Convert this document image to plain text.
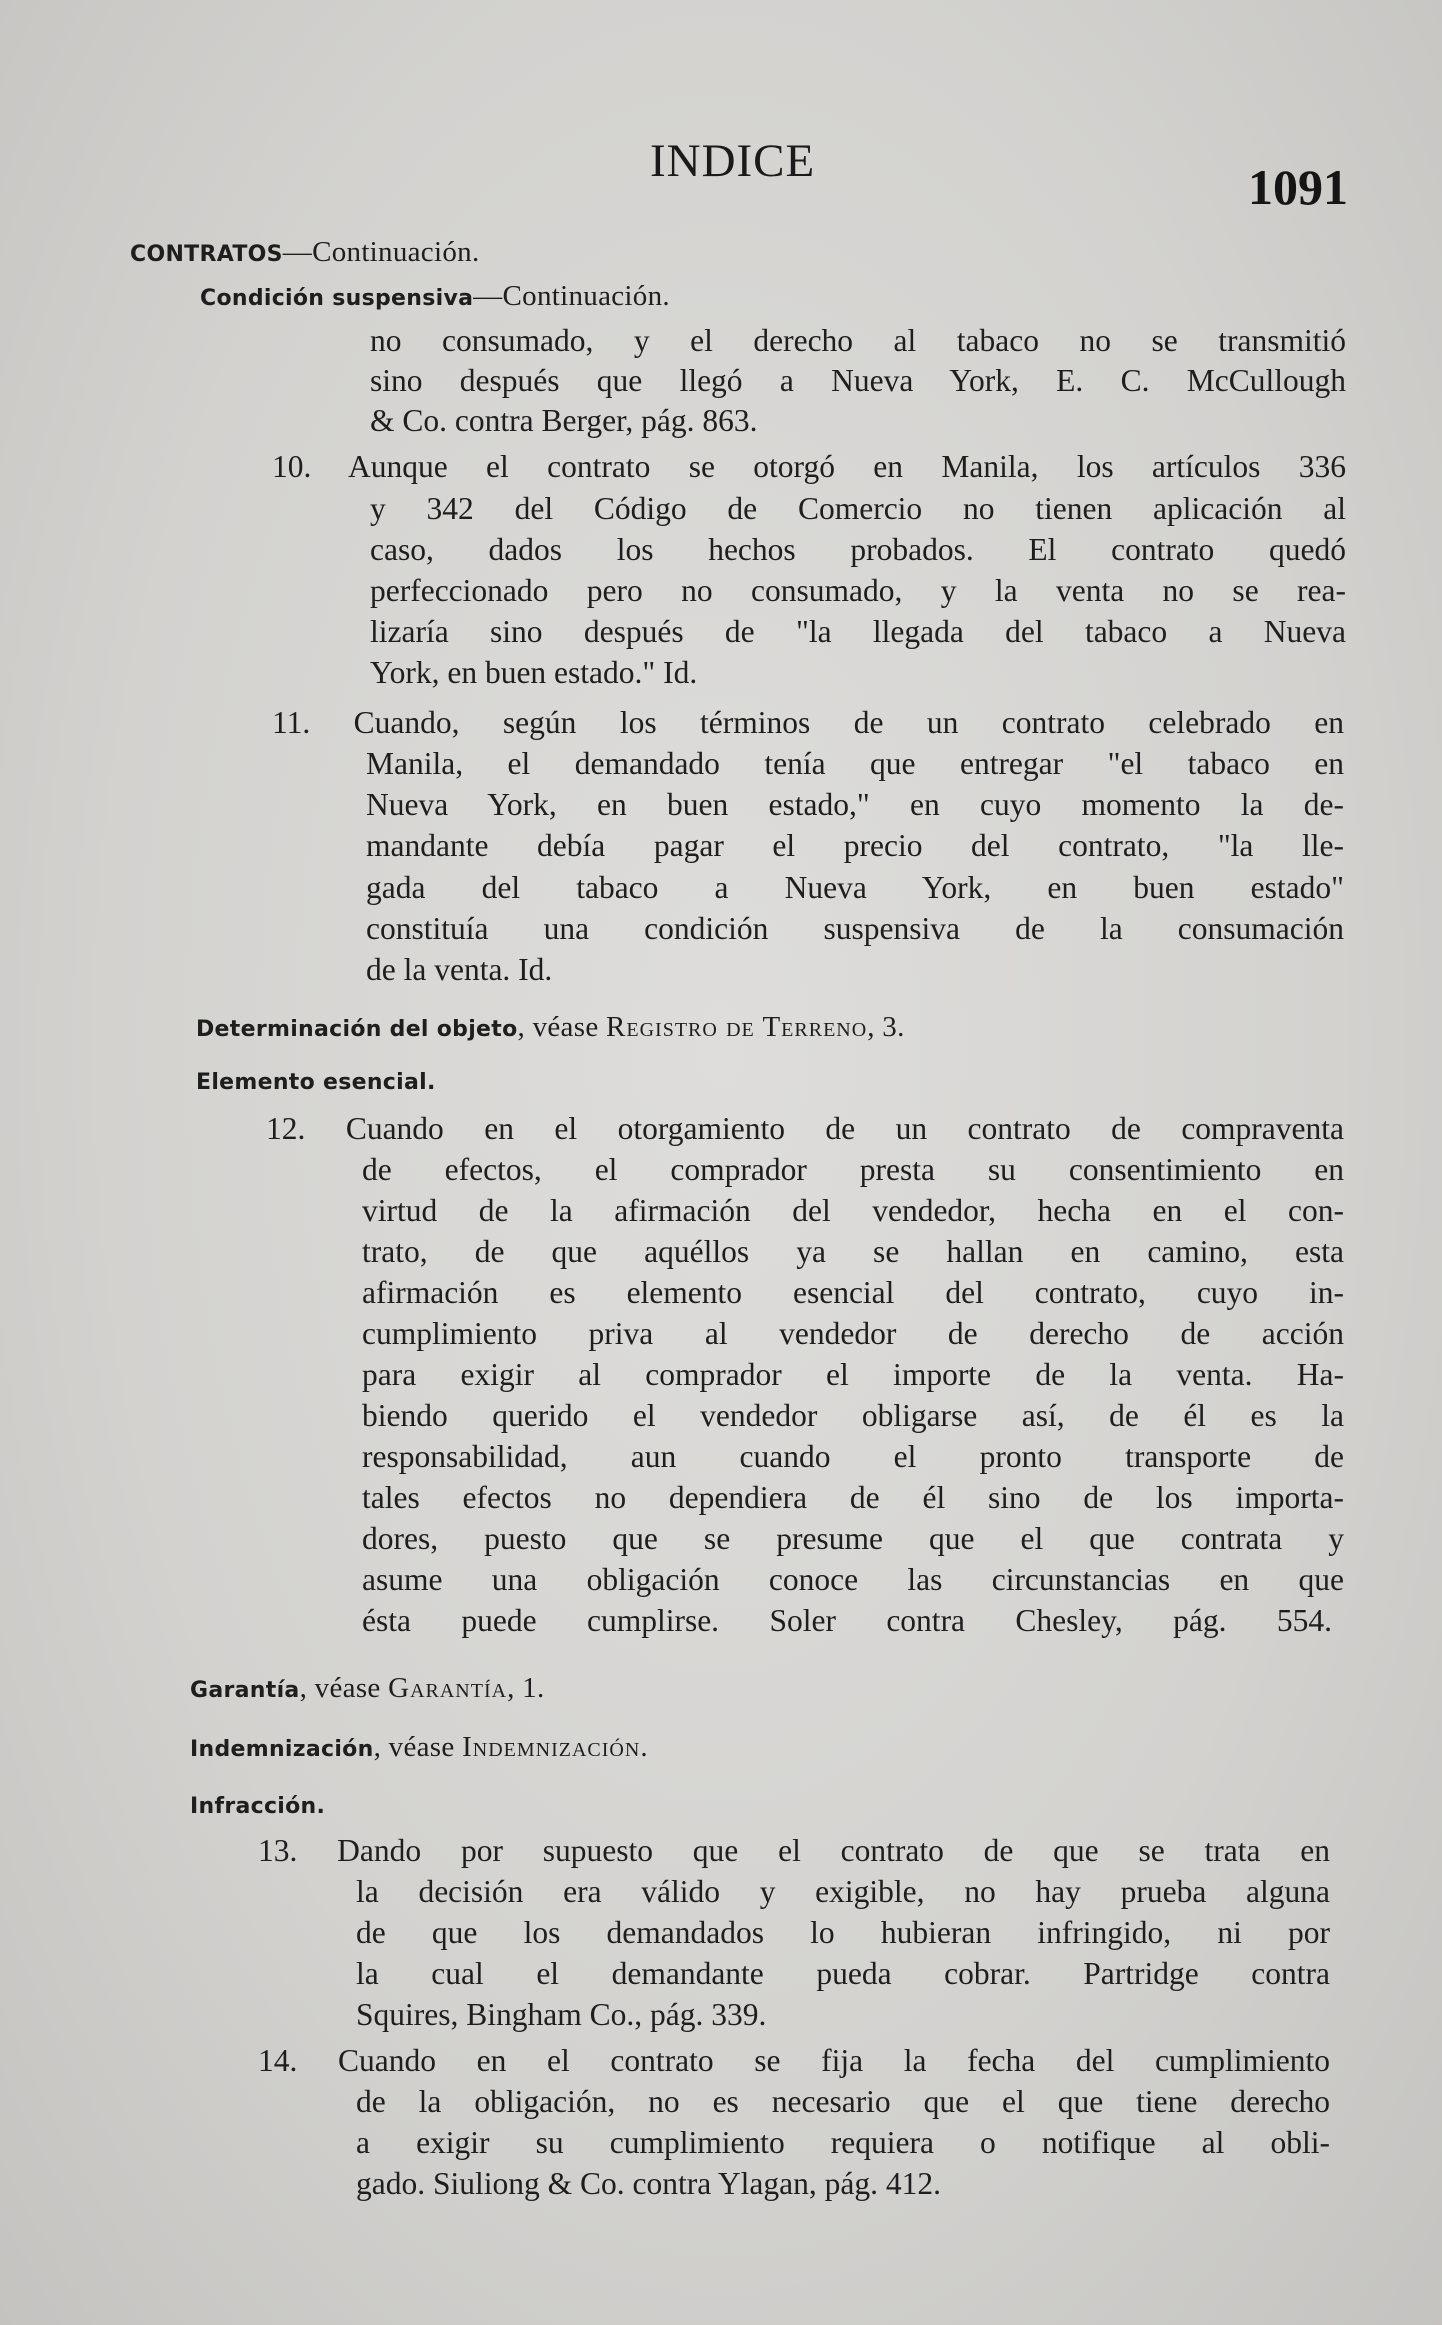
INDICE	1091
CONTRATOS—Continuación.
Condición suspensiva—Continuación.
no consumado, y el derecho al tabaco no se transmitió
sino después que llegó a Nueva York, E. C. McCullough
& Co. contra Berger, pág. 863.
10. Aunque el contrato se otorgó en Manila, los artículos 336
y 342 del Código de Comercio no tienen aplicación al
caso, dados los hechos probados. El contrato quedó
perfeccionado pero no consumado, y la venta no se rea-
lizaría sino después de "la llegada del tabaco a Nueva
York, en buen estado." Id.
11. Cuando, según los términos de un contrato celebrado en
Manila, el demandado tenía que entregar "el tabaco en
Nueva York, en buen estado," en cuyo momento la de-
mandante debía pagar el precio del contrato, "la lle-
gada del tabaco a Nueva York, en buen estado"
constituía una condición suspensiva de la consumación
de la venta. Id.
Determinación del objeto, véase Registro de Terreno, 3.
Elemento esencial.
12. Cuando en el otorgamiento de un contrato de compraventa
de efectos, el comprador presta su consentimiento en
virtud de la afirmación del vendedor, hecha en el con-
trato, de que aquéllos ya se hallan en camino, esta
afirmación es elemento esencial del contrato, cuyo in-
cumplimiento priva al vendedor de derecho de acción
para exigir al comprador el importe de la venta. Ha-
biendo querido el vendedor obligarse así, de él es la
responsabilidad, aun cuando el pronto transporte de
tales efectos no dependiera de él sino de los importa-
dores, puesto que se presume que el que contrata y
asume una obligación conoce las circunstancias en que
ésta puede cumplirse. Soler contra Chesley, pág. 554.
Garantía, véase Garantía, 1.
Indemnización, véase Indemnización.
Infracción.
13. Dando por supuesto que el contrato de que se trata en
la decisión era válido y exigible, no hay prueba alguna
de que los demandados lo hubieran infringido, ni por
la cual el demandante pueda cobrar. Partridge contra
Squires, Bingham Co., pág. 339.
14. Cuando en el contrato se fija la fecha del cumplimiento
de la obligación, no es necesario que el que tiene derecho
a exigir su cumplimiento requiera o notifique al obli-
gado. Siuliong & Co. contra Ylagan, pág. 412.
